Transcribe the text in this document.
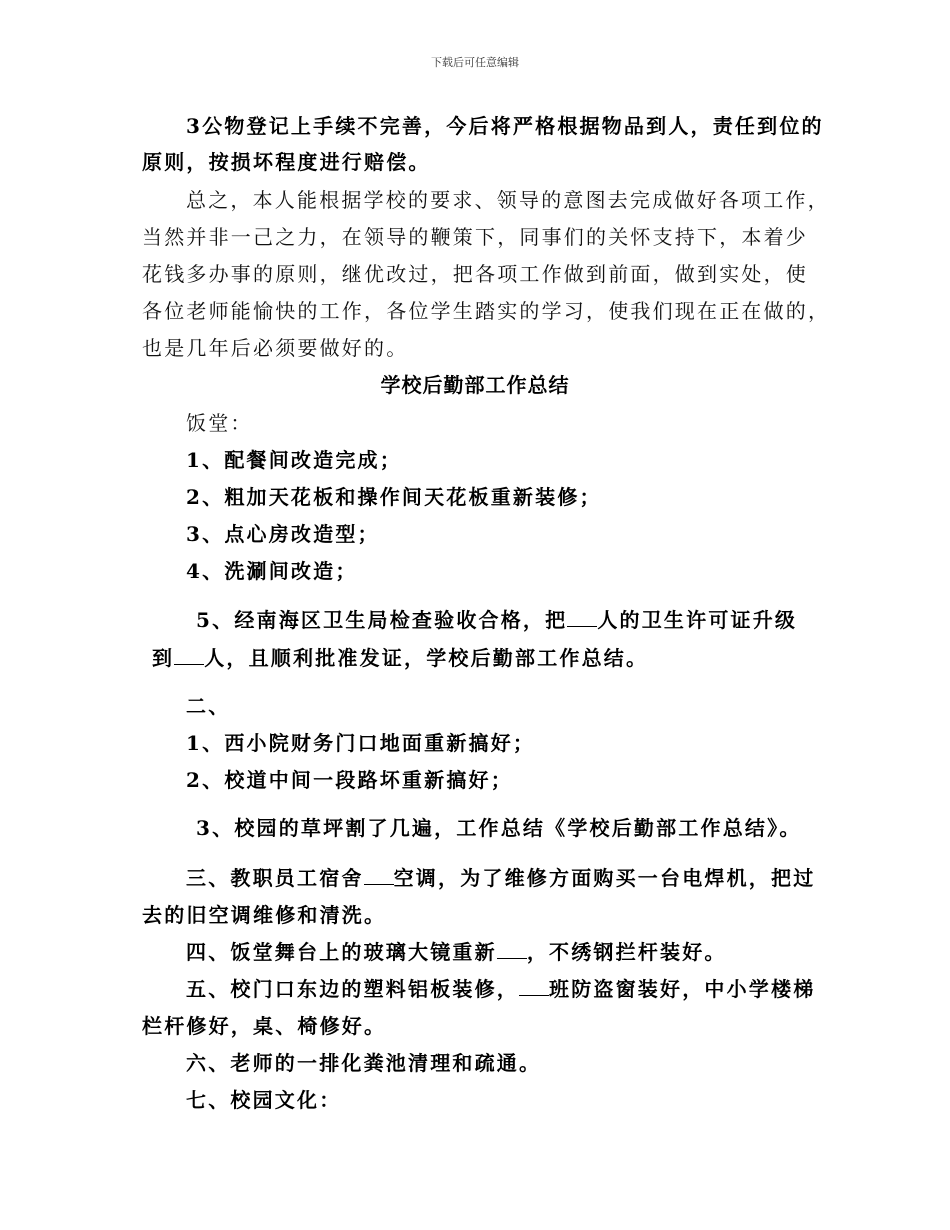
下载后可任意编辑
3公物登记上手续不完善，今后将严格根据物品到人，责任到位的
原则，按损坏程度进行赔偿。
总之，本人能根据学校的要求、领导的意图去完成做好各项工作，
当然并非一己之力，在领导的鞭策下，同事们的关怀支持下，本着少
花钱多办事的原则，继优改过，把各项工作做到前面，做到实处，使
各位老师能愉快的工作，各位学生踏实的学习，使我们现在正在做的，
也是几年后必须要做好的。
学校后勤部工作总结
饭堂：
1、配餐间改造完成；
2、粗加天花板和操作间天花板重新装修；
3、点心房改造型；
4、洗涮间改造；
5、经南海区卫生局检查验收合格，把 人的卫生许可证升级
到 人，且顺利批准发证，学校后勤部工作总结。
二、
1、西小院财务门口地面重新搞好；
2、校道中间一段路坏重新搞好；
3、校园的草坪割了几遍，工作总结《学校后勤部工作总结》。
三、教职员工宿舍 空调，为了维修方面购买一台电焊机，把过
去的旧空调维修和清洗。
四、饭堂舞台上的玻璃大镜重新 ，不绣钢拦杆装好。
五、校门口东边的塑料铝板装修， 班防盗窗装好，中小学楼梯
栏杆修好，桌、椅修好。
六、老师的一排化粪池清理和疏通。
七、校园文化：
